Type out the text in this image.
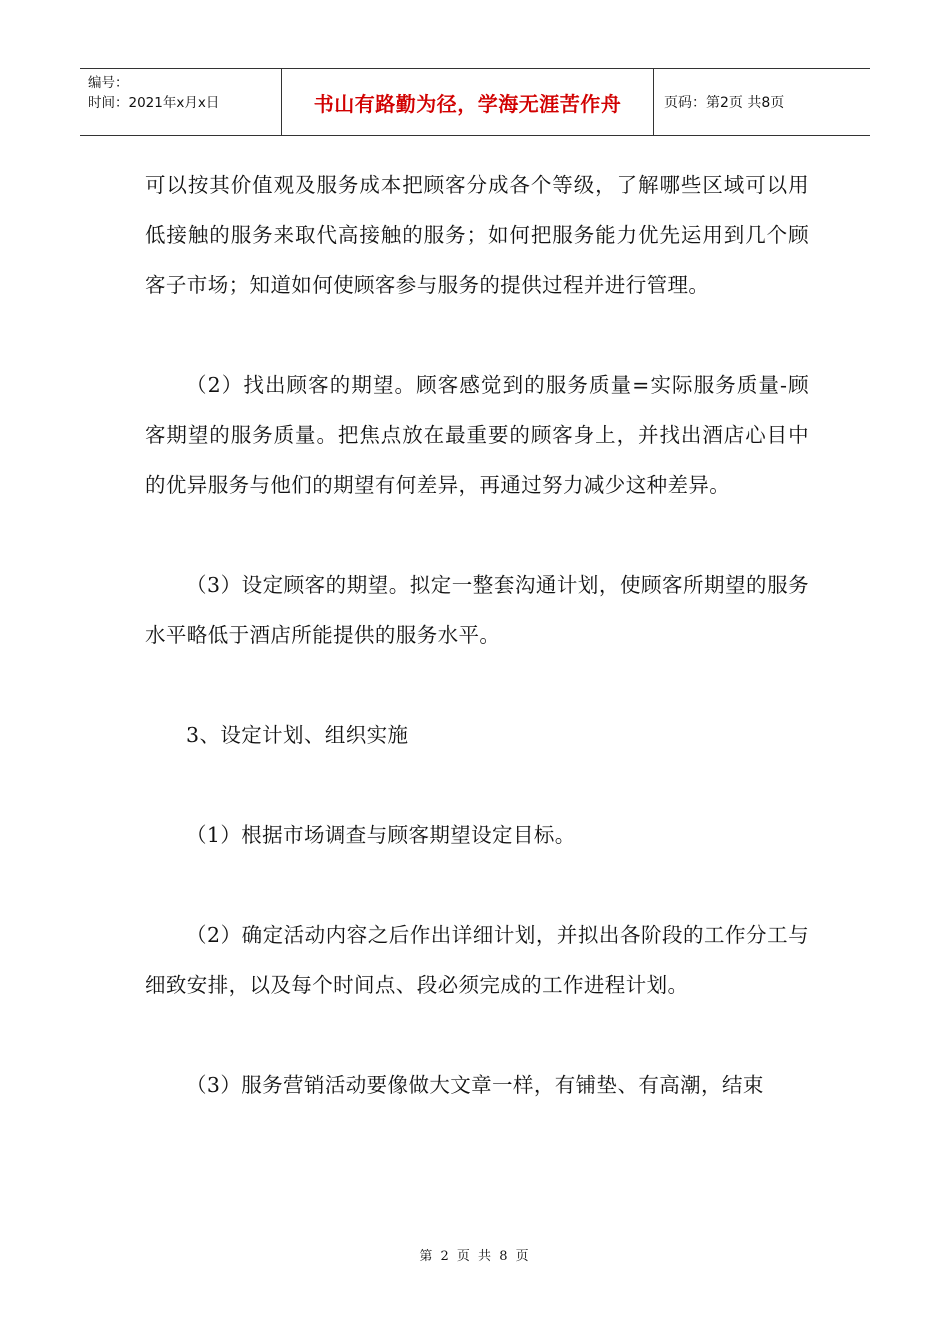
编号：
时间：2021年x月x日	书山有路勤为径，学海无涯苦作舟	页码：第2页 共8页

可以按其价值观及服务成本把顾客分成各个等级，了解哪些区域可以用低接触的服务来取代高接触的服务；如何把服务能力优先运用到几个顾客子市场；知道如何使顾客参与服务的提供过程并进行管理。

（2）找出顾客的期望。顾客感觉到的服务质量=实际服务质量-顾客期望的服务质量。把焦点放在最重要的顾客身上，并找出酒店心目中的优异服务与他们的期望有何差异，再通过努力减少这种差异。

（3）设定顾客的期望。拟定一整套沟通计划，使顾客所期望的服务水平略低于酒店所能提供的服务水平。

3、设定计划、组织实施

（1）根据市场调查与顾客期望设定目标。

（2）确定活动内容之后作出详细计划，并拟出各阶段的工作分工与细致安排，以及每个时间点、段必须完成的工作进程计划。

（3）服务营销活动要像做大文章一样，有铺垫、有高潮，结束

第 2 页 共 8 页
